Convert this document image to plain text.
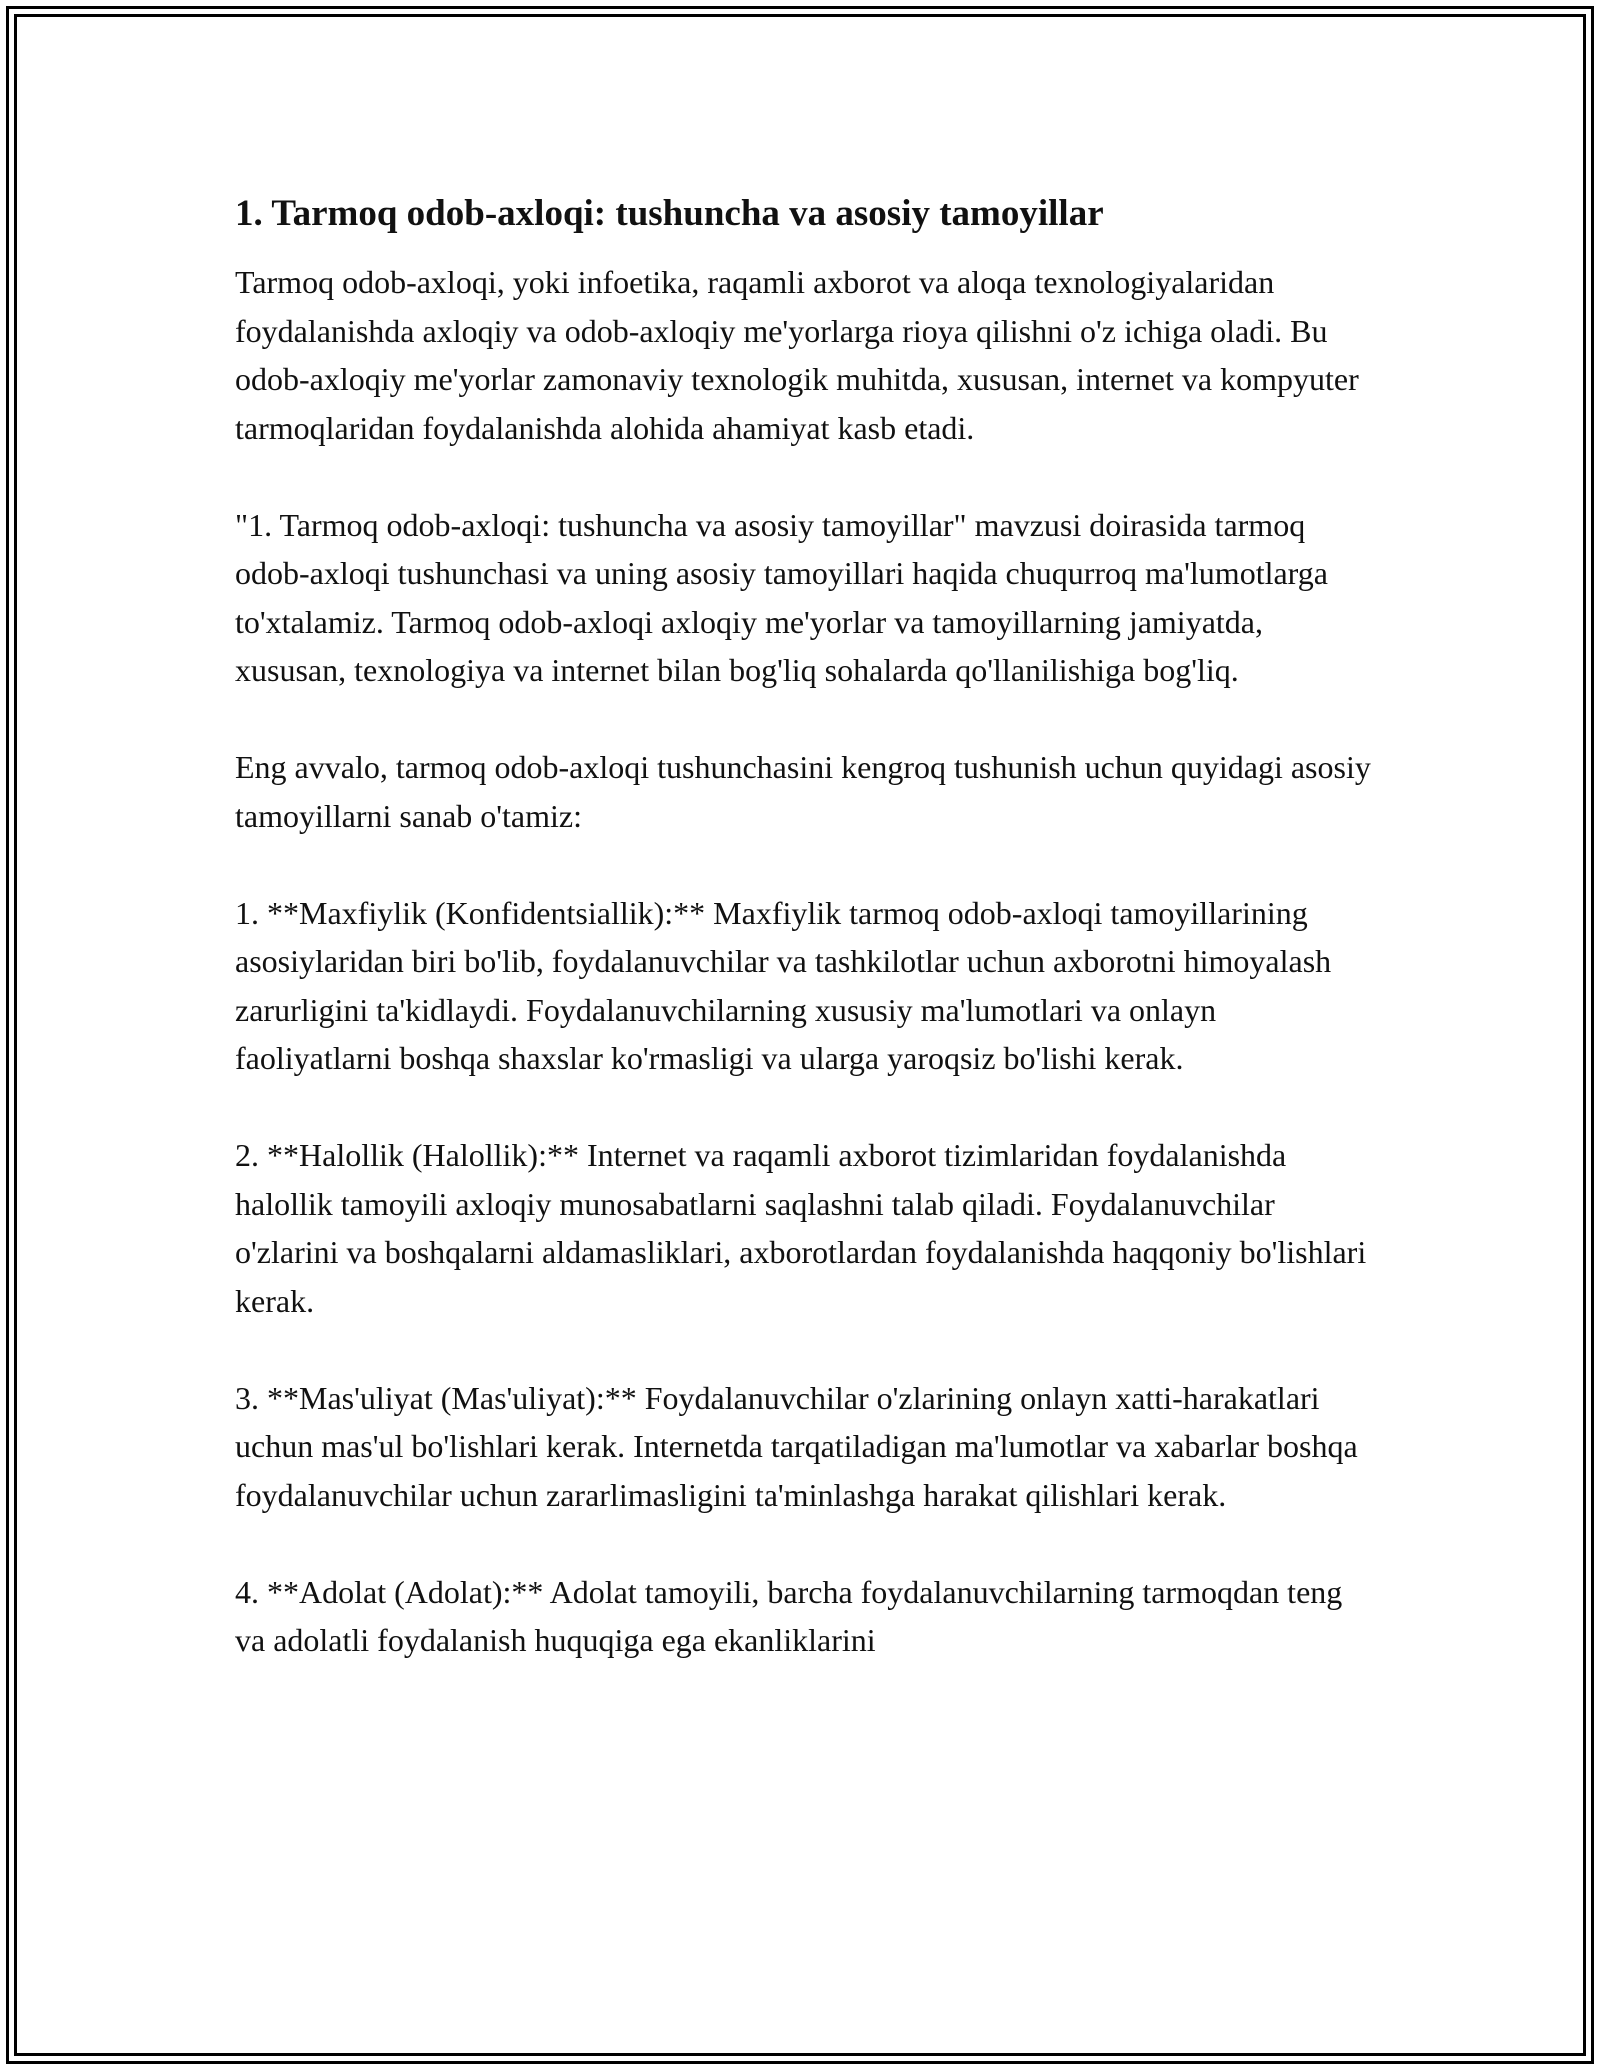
1. Tarmoq odob-axloqi: tushuncha va asosiy tamoyillar

Tarmoq odob-axloqi, yoki infoetika, raqamli axborot va aloqa texnologiyalaridan foydalanishda axloqiy va odob-axloqiy me'yorlarga rioya qilishni o'z ichiga oladi. Bu odob-axloqiy me'yorlar zamonaviy texnologik muhitda, xususan, internet va kompyuter tarmoqlaridan foydalanishda alohida ahamiyat kasb etadi.

"1. Tarmoq odob-axloqi: tushuncha va asosiy tamoyillar" mavzusi doirasida tarmoq odob-axloqi tushunchasi va uning asosiy tamoyillari haqida chuqurroq ma'lumotlarga to'xtalamiz. Tarmoq odob-axloqi axloqiy me'yorlar va tamoyillarning jamiyatda, xususan, texnologiya va internet bilan bog'liq sohalarda qo'llanilishiga bog'liq.

Eng avvalo, tarmoq odob-axloqi tushunchasini kengroq tushunish uchun quyidagi asosiy tamoyillarni sanab o'tamiz:

1. **Maxfiylik (Konfidentsiallik):** Maxfiylik tarmoq odob-axloqi tamoyillarining asosiylaridan biri bo'lib, foydalanuvchilar va tashkilotlar uchun axborotni himoyalash zarurligini ta'kidlaydi. Foydalanuvchilarning xususiy ma'lumotlari va onlayn faoliyatlarni boshqa shaxslar ko'rmasligi va ularga yaroqsiz bo'lishi kerak.

2. **Halollik (Halollik):** Internet va raqamli axborot tizimlaridan foydalanishda halollik tamoyili axloqiy munosabatlarni saqlashni talab qiladi. Foydalanuvchilar o'zlarini va boshqalarni aldamasliklari, axborotlardan foydalanishda haqqoniy bo'lishlari kerak.

3. **Mas'uliyat (Mas'uliyat):** Foydalanuvchilar o'zlarining onlayn xatti-harakatlari uchun mas'ul bo'lishlari kerak. Internetda tarqatiladigan ma'lumotlar va xabarlar boshqa foydalanuvchilar uchun zararlimasligini ta'minlashga harakat qilishlari kerak.

4. **Adolat (Adolat):** Adolat tamoyili, barcha foydalanuvchilarning tarmoqdan teng va adolatli foydalanish huquqiga ega ekanliklarini
